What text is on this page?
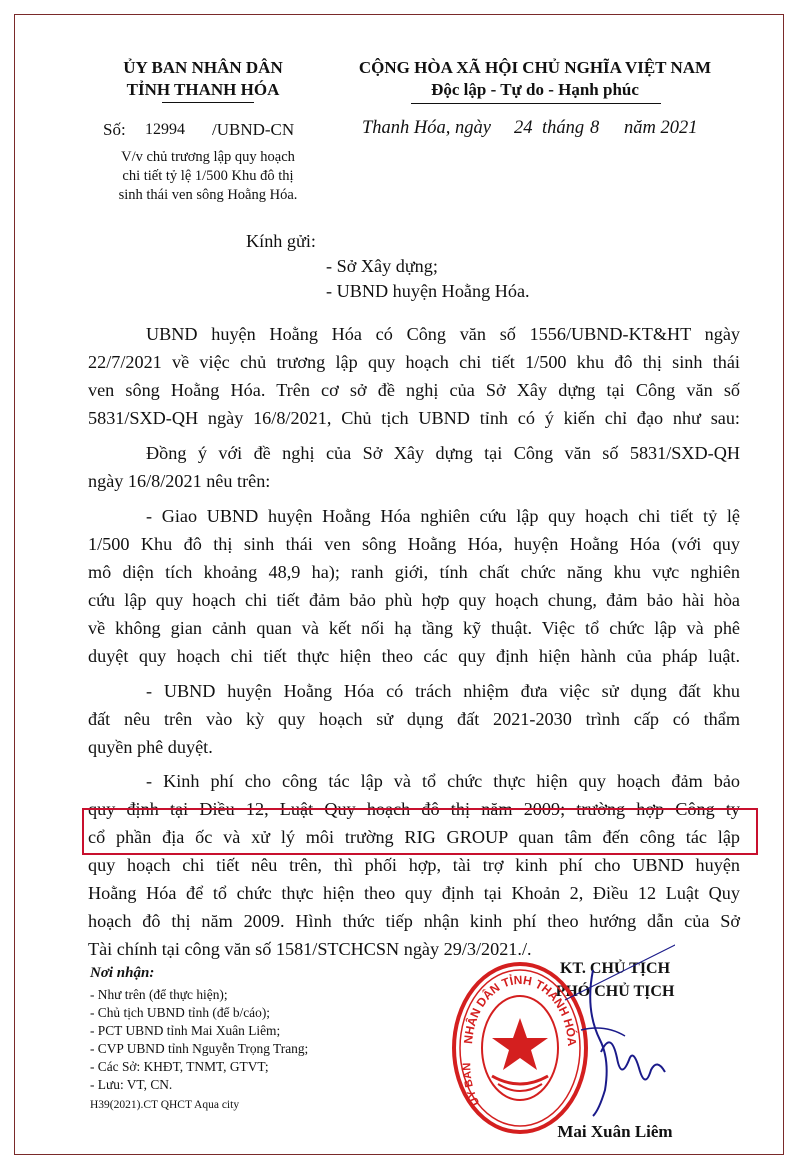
ỦY BAN NHÂN DÂN
TỈNH THANH HÓA
CỘNG HÒA XÃ HỘI CHỦ NGHĨA VIỆT NAM
Độc lập - Tự do - Hạnh phúc
Số: 12994 /UBND-CN	Thanh Hóa, ngày 24 tháng 8 năm 2021
V/v chủ trương lập quy hoạch
chi tiết tỷ lệ 1/500 Khu đô thị
sinh thái ven sông Hoằng Hóa.
Kính gửi:
- Sở Xây dựng;
- UBND huyện Hoằng Hóa.
UBND huyện Hoằng Hóa có Công văn số 1556/UBND-KT&HT ngày
22/7/2021 về việc chủ trương lập quy hoạch chi tiết 1/500 khu đô thị sinh thái
ven sông Hoằng Hóa. Trên cơ sở đề nghị của Sở Xây dựng tại Công văn số
5831/SXD-QH ngày 16/8/2021, Chủ tịch UBND tỉnh có ý kiến chỉ đạo như sau:
Đồng ý với đề nghị của Sở Xây dựng tại Công văn số 5831/SXD-QH
ngày 16/8/2021 nêu trên:
- Giao UBND huyện Hoằng Hóa nghiên cứu lập quy hoạch chi tiết tỷ lệ
1/500 Khu đô thị sinh thái ven sông Hoằng Hóa, huyện Hoằng Hóa (với quy
mô diện tích khoảng 48,9 ha); ranh giới, tính chất chức năng khu vực nghiên
cứu lập quy hoạch chi tiết đảm bảo phù hợp quy hoạch chung, đảm bảo hài hòa
về không gian cảnh quan và kết nối hạ tầng kỹ thuật. Việc tổ chức lập và phê
duyệt quy hoạch chi tiết thực hiện theo các quy định hiện hành của pháp luật.
- UBND huyện Hoằng Hóa có trách nhiệm đưa việc sử dụng đất khu
đất nêu trên vào kỳ quy hoạch sử dụng đất 2021-2030 trình cấp có thẩm
quyền phê duyệt.
- Kinh phí cho công tác lập và tổ chức thực hiện quy hoạch đảm bảo
quy định tại Điều 12, Luật Quy hoạch đô thị năm 2009; trường hợp Công ty
cổ phần địa ốc và xử lý môi trường RIG GROUP quan tâm đến công tác lập
quy hoạch chi tiết nêu trên, thì phối hợp, tài trợ kinh phí cho UBND huyện
Hoằng Hóa để tổ chức thực hiện theo quy định tại Khoản 2, Điều 12 Luật Quy
hoạch đô thị năm 2009. Hình thức tiếp nhận kinh phí theo hướng dẫn của Sở
Tài chính tại công văn số 1581/STCHCSN ngày 29/3/2021./.
Nơi nhận:
- Như trên (để thực hiện);
- Chủ tịch UBND tỉnh (để b/cáo);
- PCT UBND tỉnh Mai Xuân Liêm;
- CVP UBND tỉnh Nguyễn Trọng Trang;
- Các Sở: KHĐT, TNMT, GTVT;
- Lưu: VT, CN.
H39(2021).CT QHCT Aqua city
KT. CHỦ TỊCH
PHÓ CHỦ TỊCH
NHÂN DÂN TỈNH THANH HÓA
ỦY BAN
Mai Xuân Liêm
